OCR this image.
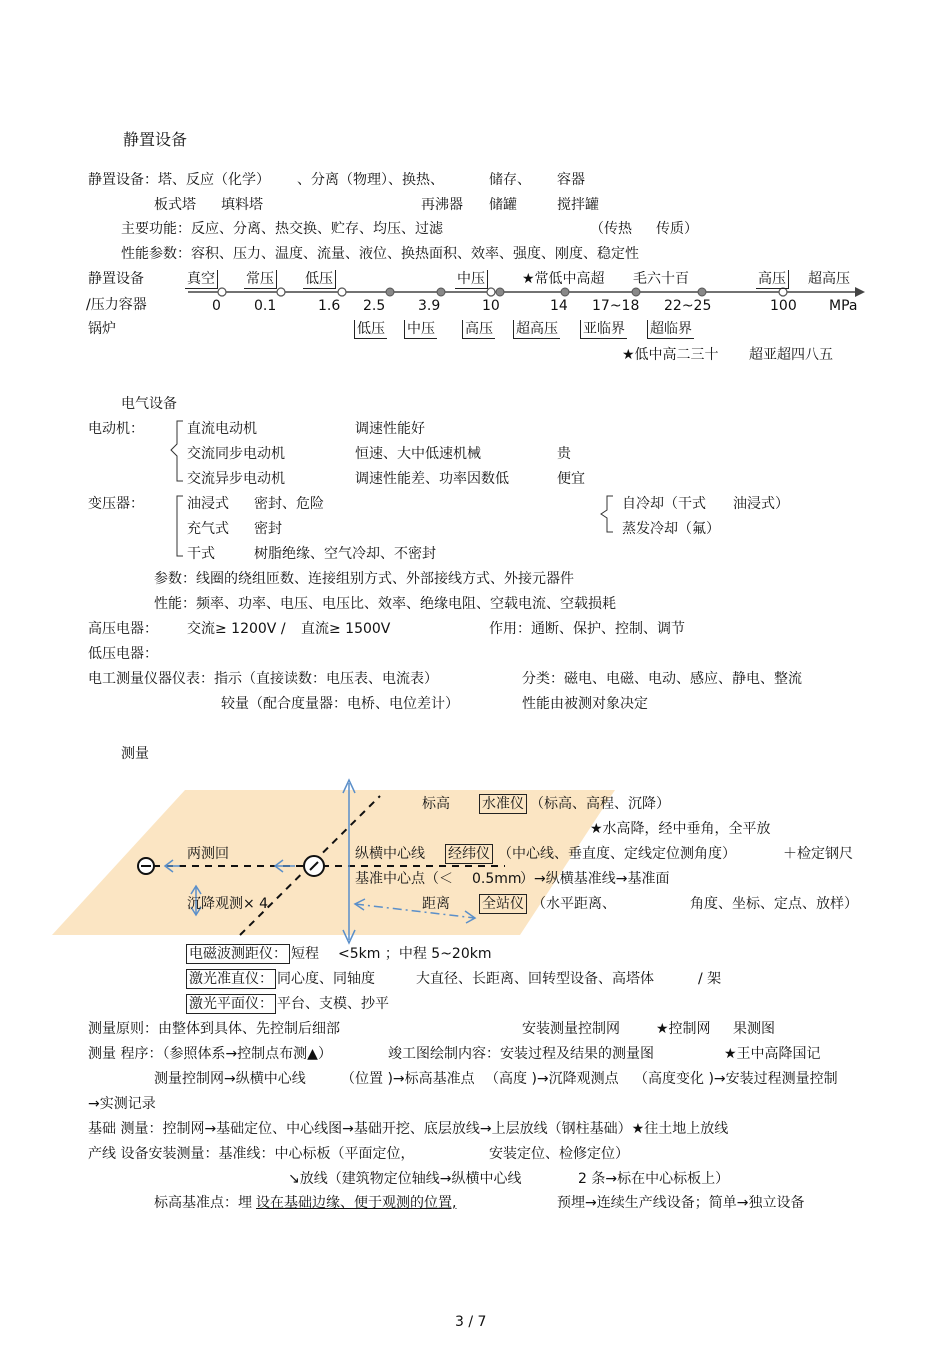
静置设备
静置设备：塔、反应（化学） 、分离（物理）、换热、	储存、 容器
板式塔 填料塔	再沸器 储罐	搅拌罐
主要功能：反应、分离、热交换、贮存、均压、过滤	（传热 传质）
性能参数：容积、压力、温度、流量、液位、换热面积、效率、强度、刚度、稳定性
静置设备
/压力容器
锅炉
真空 常压 低压	中压	★常低中高超 毛六十百	高压 超高压
0 0.1	1.6 2.5 3.9	10	14 17~18 22~25	100 MPa
低压 中压 高压 超高压 亚临界 超临界
★低中高二三十 超亚超四八五
电气设备
电动机：	直流电动机	调速性能好
交流同步电动机	恒速、大中低速机械	贵
交流异步电动机	调速性能差、功率因数低	便宜
变压器：	油浸式 密封、危险
充气式 密封
干式	树脂绝缘、空气冷却、不密封
自冷却（干式 油浸式）
蒸发冷却（氟）
参数：线圈的绕组匝数、连接组别方式、外部接线方式、外接元器件
性能：频率、功率、电压、电压比、效率、绝缘电阻、空载电流、空载损耗
高压电器： 交流≥ 1200V / 直流≥ 1500V	作用：通断、保护、控制、调节
低压电器：
电工测量仪器仪表：指示（直接读数：电压表、电流表）	分类：磁电、电磁、电动、感应、静电、整流
较量（配合度量器：电桥、电位差计）	性能由被测对象决定
测量
标高 水准仪 （标高、高程、沉降）
★水高降，经中垂角，全平放
两测回	纵横中心线 经纬仪 （中心线、垂直度、定线定位测角度）	＋检定钢尺
基准中心点（＜ 0.5mm
）→纵横基准线→基准面
沉降观测× 4	距离 全站仪 （水平距离、	角度、坐标、定点、放样）
电磁波测距仪： 短程 <5km ；中程 5~20km
激光准直仪： 同心度、同轴度	大直径、长距离、回转型设备、高塔体	/ 架
激光平面仪： 平台、支模、抄平
测量原则：由整体到具体、先控制后细部	安装测量控制网	★控制网 果测图
测量 程序：（参照体系→控制点布测▲）	竣工图绘制内容：安装过程及结果的测量图	★王中高降国记
测量控制网→纵横中心线	（位置 )→标高基准点 （高度 )→沉降观测点 （高度变化 )→安装过程测量控制
→实测记录
基础 测量：控制网→基础定位、中心线图→基础开挖、底层放线→上层放线（钢柱基础）★往土地上放线
产线 设备安装测量：基准线：中心标板（平面定位，	安装定位、检修定位）
↘放线（建筑物定位轴线→纵横中心线	2 条→标在中心标板上）
标高基准点：埋 设在基础边缘、便于观测的位置,	预埋→连续生产线设备；简单→独立设备
3 / 7
